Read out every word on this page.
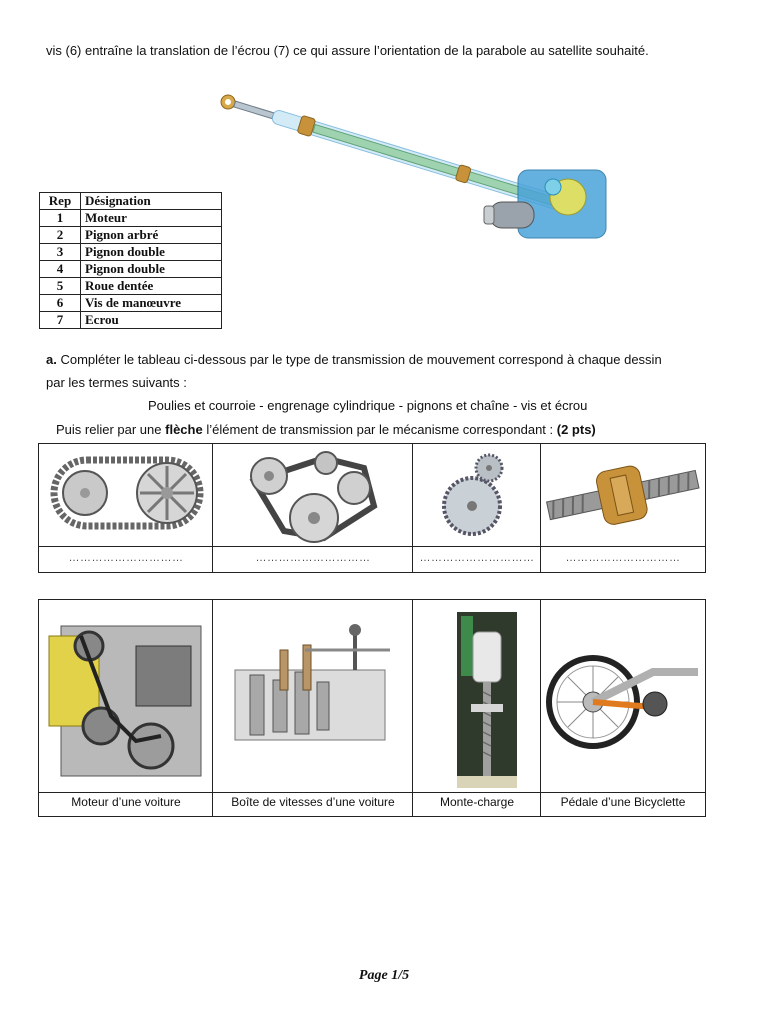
vis (6) entraîne la translation de l’écrou (7) ce qui assure l’orientation de la parabole au satellite souhaité.
Rep	Désignation
1	Moteur
2	Pignon arbré
3	Pignon double
4	Pignon double
5	Roue dentée
6	Vis de manœuvre
7	Ecrou
a. Compléter le tableau ci-dessous par le type de transmission de mouvement correspond à chaque dessin
par les termes suivants :
Poulies et courroie - engrenage cylindrique - pignons et chaîne - vis et écrou
Puis relier par une flèche l’élément de transmission par le mécanisme correspondant : (2 pts)
…………………………	…………………………	…………………………	…………………………
Moteur d’une voiture	Boîte de vitesses d’une voiture	Monte-charge	Pédale d’une Bicyclette
Page 1/5
